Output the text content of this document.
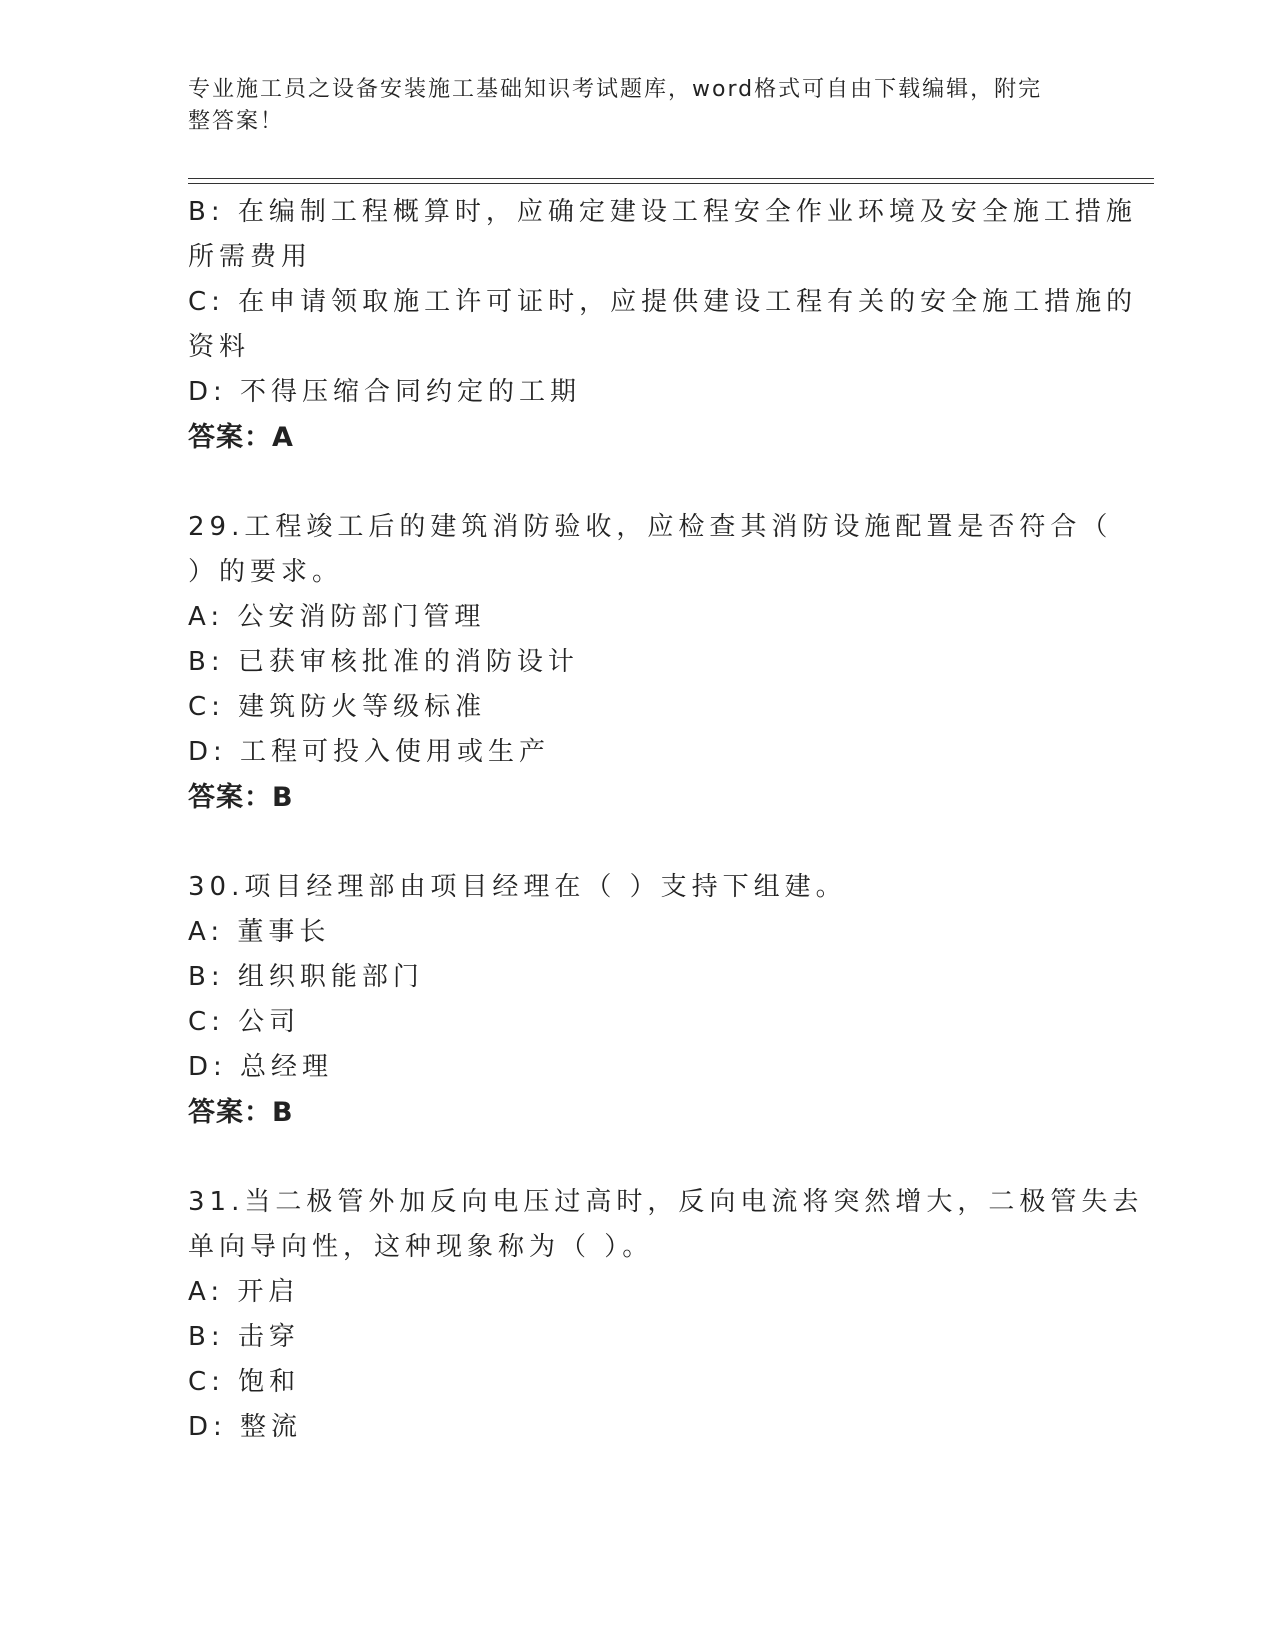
专业施工员之设备安装施工基础知识考试题库，word格式可自由下载编辑，附完
整答案！
B: 在编制工程概算时，应确定建设工程安全作业环境及安全施工措施
所需费用
C: 在申请领取施工许可证时，应提供建设工程有关的安全施工措施的
资料
D: 不得压缩合同约定的工期
答案：A
29.工程竣工后的建筑消防验收，应检查其消防设施配置是否符合（
）的要求。
A: 公安消防部门管理
B: 已获审核批准的消防设计
C: 建筑防火等级标准
D: 工程可投入使用或生产
答案：B
30.项目经理部由项目经理在（ ）支持下组建。
A: 董事长
B: 组织职能部门
C: 公司
D: 总经理
答案：B
31.当二极管外加反向电压过高时，反向电流将突然增大，二极管失去
单向导向性，这种现象称为（ ）。
A: 开启
B: 击穿
C: 饱和
D: 整流
